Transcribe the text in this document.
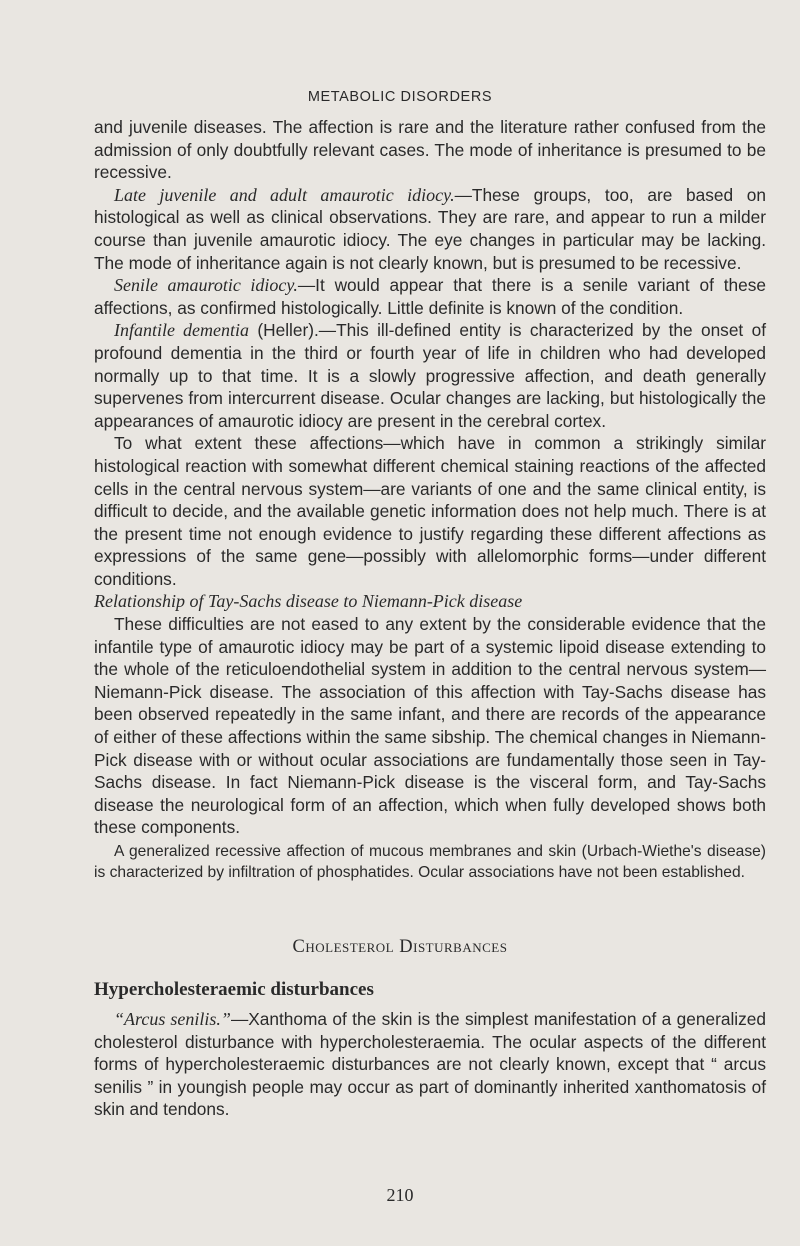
METABOLIC DISORDERS

and juvenile diseases. The affection is rare and the literature rather confused from the admission of only doubtfully relevant cases. The mode of inheritance is presumed to be recessive.

Late juvenile and adult amaurotic idiocy.—These groups, too, are based on histological as well as clinical observations. They are rare, and appear to run a milder course than juvenile amaurotic idiocy. The eye changes in particular may be lacking. The mode of inheritance again is not clearly known, but is presumed to be recessive.

Senile amaurotic idiocy.—It would appear that there is a senile variant of these affections, as confirmed histologically. Little definite is known of the condition.

Infantile dementia (Heller).—This ill-defined entity is characterized by the onset of profound dementia in the third or fourth year of life in children who had developed normally up to that time. It is a slowly progressive affection, and death generally supervenes from intercurrent disease. Ocular changes are lacking, but histologically the appearances of amaurotic idiocy are present in the cerebral cortex.

To what extent these affections—which have in common a strikingly similar histological reaction with somewhat different chemical staining reactions of the affected cells in the central nervous system—are variants of one and the same clinical entity, is difficult to decide, and the available genetic information does not help much. There is at the present time not enough evidence to justify regarding these different affections as expressions of the same gene—possibly with allelomorphic forms—under different conditions.

Relationship of Tay-Sachs disease to Niemann-Pick disease

These difficulties are not eased to any extent by the considerable evidence that the infantile type of amaurotic idiocy may be part of a systemic lipoid disease extending to the whole of the reticuloendothelial system in addition to the central nervous system—Niemann-Pick disease. The association of this affection with Tay-Sachs disease has been observed repeatedly in the same infant, and there are records of the appearance of either of these affections within the same sibship. The chemical changes in Niemann-Pick disease with or without ocular associations are fundamentally those seen in Tay-Sachs disease. In fact Niemann-Pick disease is the visceral form, and Tay-Sachs disease the neurological form of an affection, which when fully developed shows both these components.

A generalized recessive affection of mucous membranes and skin (Urbach-Wiethe's disease) is characterized by infiltration of phosphatides. Ocular associations have not been established.

Cholesterol Disturbances

Hypercholesteraemic disturbances

“Arcus senilis.”—Xanthoma of the skin is the simplest manifestation of a generalized cholesterol disturbance with hypercholesteraemia. The ocular aspects of the different forms of hypercholesteraemic disturbances are not clearly known, except that “ arcus senilis ” in youngish people may occur as part of dominantly inherited xanthomatosis of skin and tendons.

210
